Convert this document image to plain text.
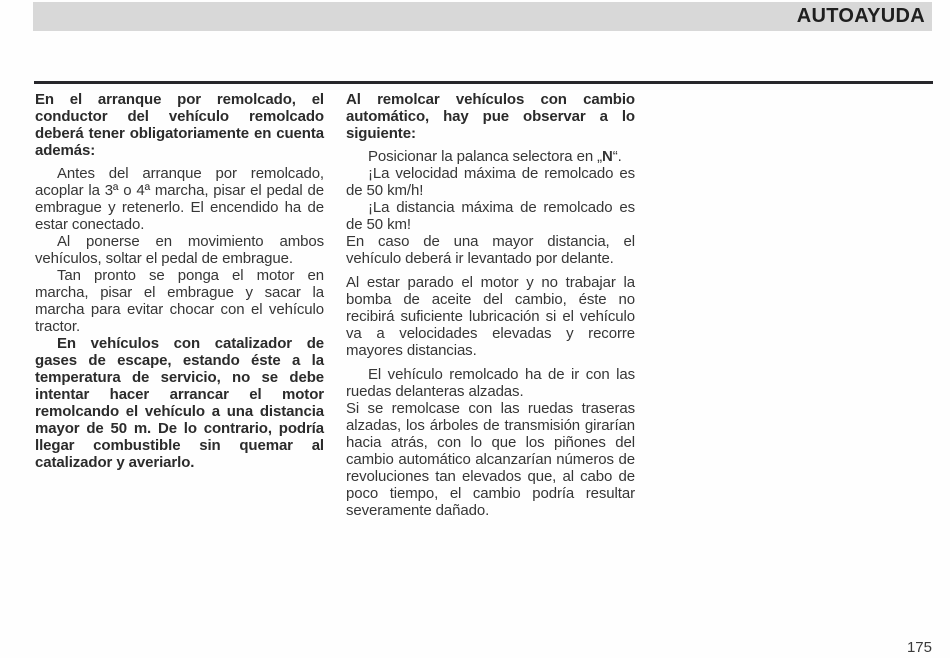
AUTOAYUDA

En el arranque por remolcado, el conductor del vehículo remolcado deberá tener obligatoriamente en cuenta además:

Antes del arranque por remolcado, acoplar la 3ª o 4ª marcha, pisar el pedal de embrague y retenerlo. El encendido ha de estar conectado.

Al ponerse en movimiento ambos vehículos, soltar el pedal de embrague.

Tan pronto se ponga el motor en marcha, pisar el embrague y sacar la marcha para evitar chocar con el vehículo tractor.

En vehículos con catalizador de gases de escape, estando éste a la temperatura de servicio, no se debe intentar hacer arrancar el motor remolcando el vehículo a una distancia mayor de 50 m. De lo contrario, podría llegar combustible sin quemar al catalizador y averiarlo.

Al remolcar vehículos con cambio automático, hay pue observar a lo siguiente:

Posicionar la palanca selectora en „N“.

¡La velocidad máxima de remolcado es de 50 km/h!

¡La distancia máxima de remolcado es de 50 km!

En caso de una mayor distancia, el vehículo deberá ir levantado por delante.

Al estar parado el motor y no trabajar la bomba de aceite del cambio, éste no recibirá suficiente lubricación si el vehículo va a velocidades elevadas y recorre mayores distancias.

El vehículo remolcado ha de ir con las ruedas delanteras alzadas.

Si se remolcase con las ruedas traseras alzadas, los árboles de transmisión girarían hacia atrás, con lo que los piñones del cambio automático alcanzarían números de revoluciones tan elevados que, al cabo de poco tiempo, el cambio podría resultar severamente dañado.

175
